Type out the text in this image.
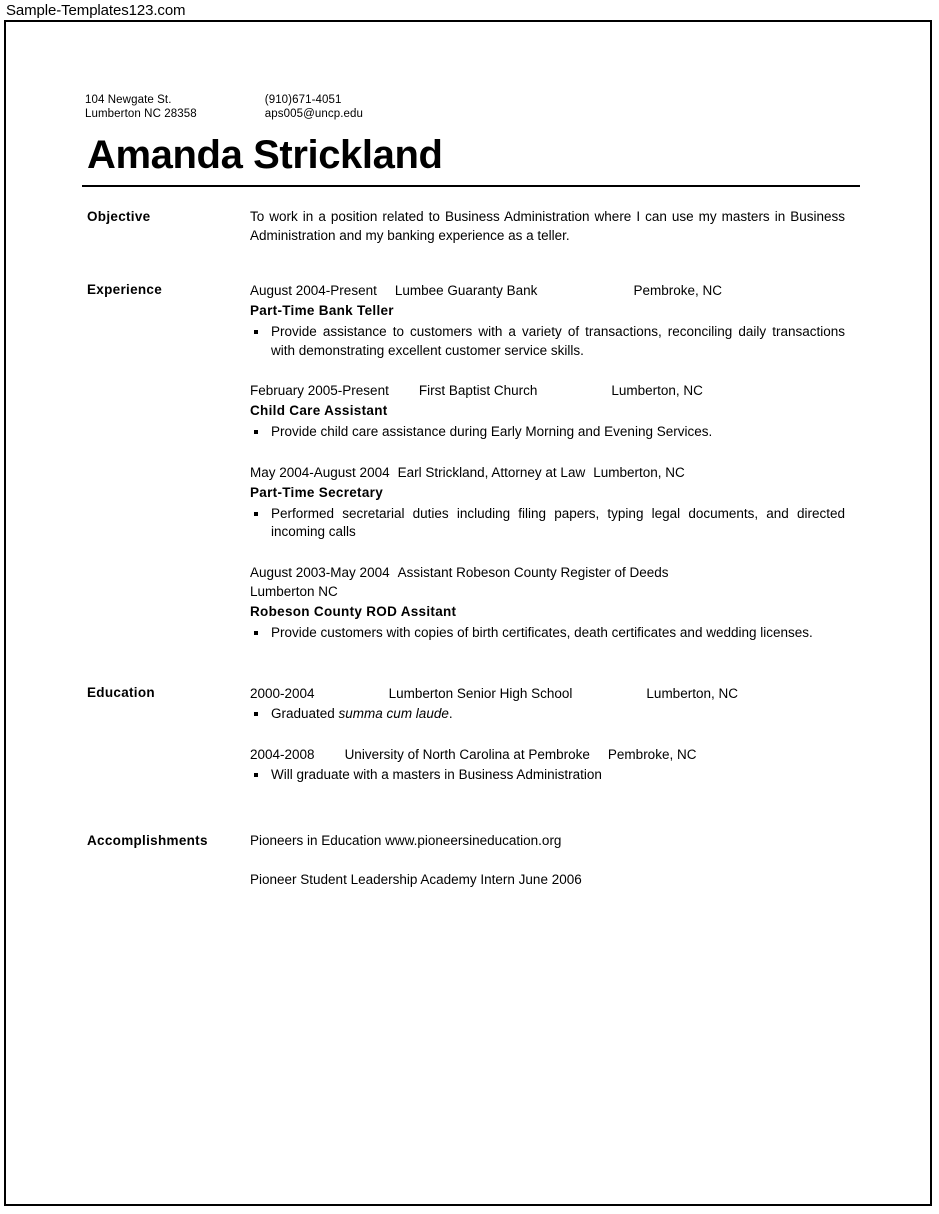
Sample-Templates123.com
104 Newgate St.
Lumberton NC 28358
(910)671-4051
aps005@uncp.edu
Amanda Strickland
Objective	To work in a position related to Business Administration where I can use my masters in Business Administration and my banking experience as a teller.

Experience	August 2004-Present Lumbee Guaranty Bank	Pembroke, NC
Part-Time Bank Teller
Provide assistance to customers with a variety of transactions, reconciling daily transactions with demonstrating excellent customer service skills.
February 2005-Present First Baptist Church	Lumberton, NC
Child Care Assistant
Provide child care assistance during Early Morning and Evening Services.
May 2004-August 2004 Earl Strickland, Attorney at Law Lumberton, NC
Part-Time Secretary
Performed secretarial duties including filing papers, typing legal documents, and directed incoming calls
August 2003-May 2004 Assistant Robeson County Register of Deeds
Lumberton NC
Robeson County ROD Assitant
Provide customers with copies of birth certificates, death certificates and wedding licenses.
Education	2000-2004	Lumberton Senior High School	Lumberton, NC
Graduated summa cum laude.
2004-2008 University of North Carolina at Pembroke Pembroke, NC
Will graduate with a masters in Business Administration
Accomplishments	Pioneers in Education www.pioneersineducation.org

Pioneer Student Leadership Academy Intern June 2006
